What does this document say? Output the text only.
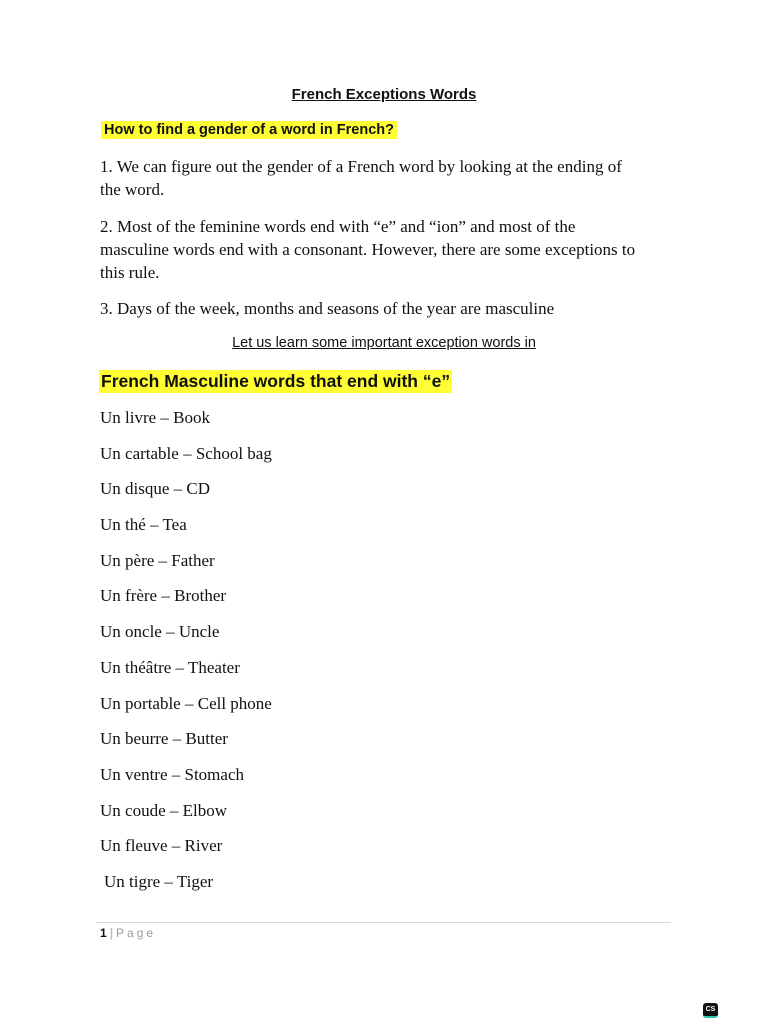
French Exceptions Words

How to find a gender of a word in French?

1. We can figure out the gender of a French word by looking at the ending of the word.

2. Most of the feminine words end with “e” and “ion” and most of the masculine words end with a consonant. However, there are some exceptions to this rule.

3. Days of the week, months and seasons of the year are masculine

Let us learn some important exception words in

French Masculine words that end with “e”
Un livre – Book
Un cartable – School bag
Un disque – CD
Un thé – Tea
Un père – Father
Un frère – Brother
Un oncle – Uncle
Un théâtre – Theater
Un portable – Cell phone
Un beurre – Butter
Un ventre – Stomach
Un coude – Elbow
Un fleuve – River
Un tigre – Tiger

1 | Page

CS
